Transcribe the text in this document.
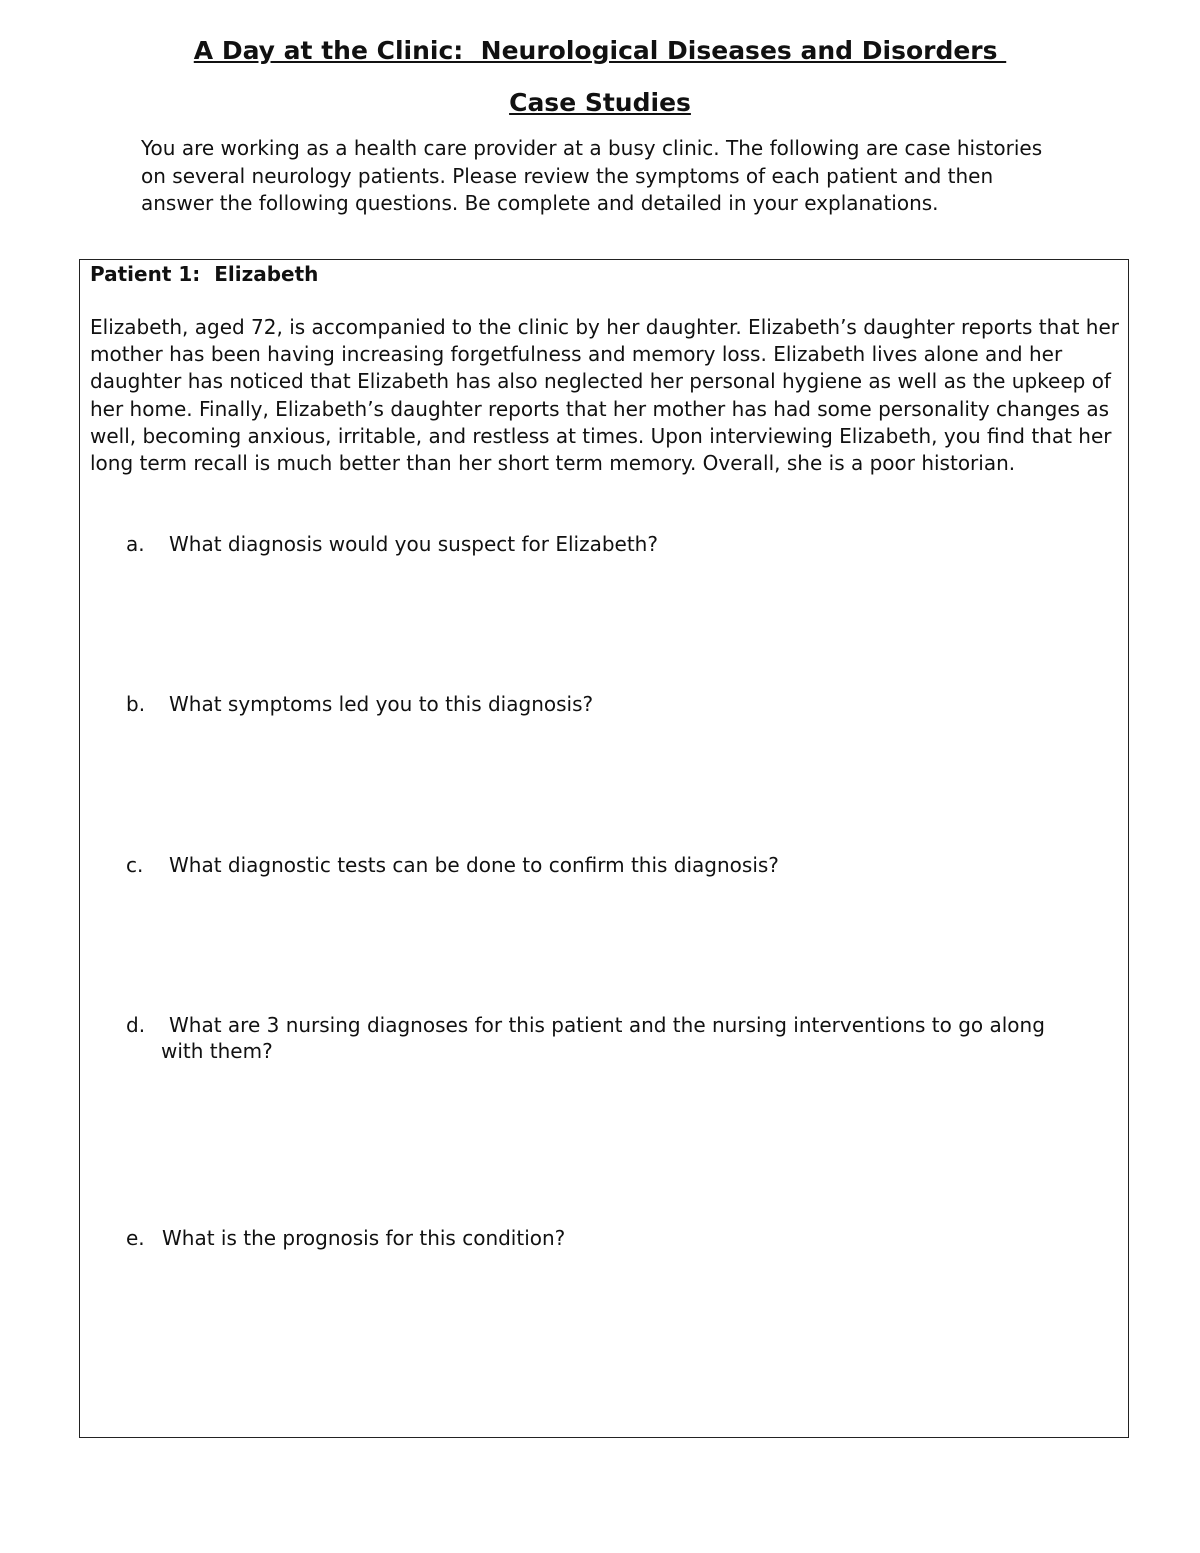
A Day at the Clinic:  Neurological Diseases and Disorders
Case Studies

You are working as a health care provider at a busy clinic. The following are case histories on several neurology patients. Please review the symptoms of each patient and then answer the following questions. Be complete and detailed in your explanations.

Patient 1:  Elizabeth

Elizabeth, aged 72, is accompanied to the clinic by her daughter. Elizabeth’s daughter reports that her mother has been having increasing forgetfulness and memory loss. Elizabeth lives alone and her daughter has noticed that Elizabeth has also neglected her personal hygiene as well as the upkeep of her home. Finally, Elizabeth’s daughter reports that her mother has had some personality changes as well, becoming anxious, irritable, and restless at times. Upon interviewing Elizabeth, you find that her long term recall is much better than her short term memory. Overall, she is a poor historian.

a.	What diagnosis would you suspect for Elizabeth?
b.	What symptoms led you to this diagnosis?
c.	What diagnostic tests can be done to confirm this diagnosis?
d.	What are 3 nursing diagnoses for this patient and the nursing interventions to go along
with them?
e. What is the prognosis for this condition?
